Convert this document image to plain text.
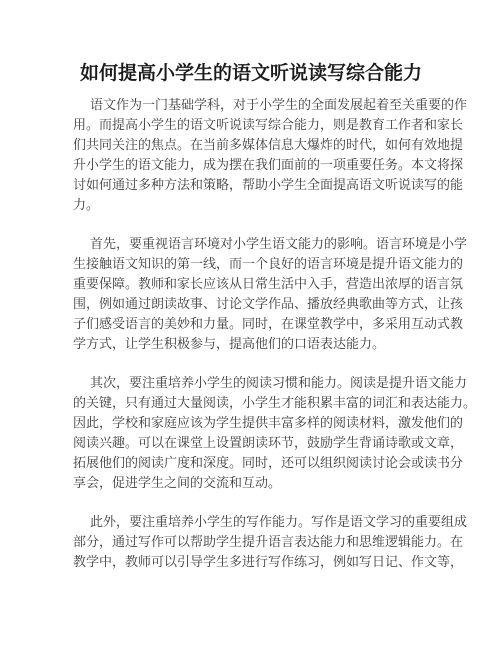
如何提高小学生的语文听说读写综合能力
语文作为一门基础学科，对于小学生的全面发展起着至关重要的作
用。而提高小学生的语文听说读写综合能力，则是教育工作者和家长
们共同关注的焦点。在当前多媒体信息大爆炸的时代，如何有效地提
升小学生的语文能力，成为摆在我们面前的一项重要任务。本文将探
讨如何通过多种方法和策略，帮助小学生全面提高语文听说读写的能
力。
首先，要重视语言环境对小学生语文能力的影响。语言环境是小学
生接触语文知识的第一线，而一个良好的语言环境是提升语文能力的
重要保障。教师和家长应该从日常生活中入手，营造出浓厚的语言氛
围，例如通过朗读故事、讨论文学作品、播放经典歌曲等方式，让孩
子们感受语言的美妙和力量。同时，在课堂教学中，多采用互动式教
学方式，让学生积极参与，提高他们的口语表达能力。
其次，要注重培养小学生的阅读习惯和能力。阅读是提升语文能力
的关键，只有通过大量阅读，小学生才能积累丰富的词汇和表达能力。
因此，学校和家庭应该为学生提供丰富多样的阅读材料，激发他们的
阅读兴趣。可以在课堂上设置朗读环节，鼓励学生背诵诗歌或文章，
拓展他们的阅读广度和深度。同时，还可以组织阅读讨论会或读书分
享会，促进学生之间的交流和互动。
此外，要注重培养小学生的写作能力。写作是语文学习的重要组成
部分，通过写作可以帮助学生提升语言表达能力和思维逻辑能力。在
教学中，教师可以引导学生多进行写作练习，例如写日记、作文等，
